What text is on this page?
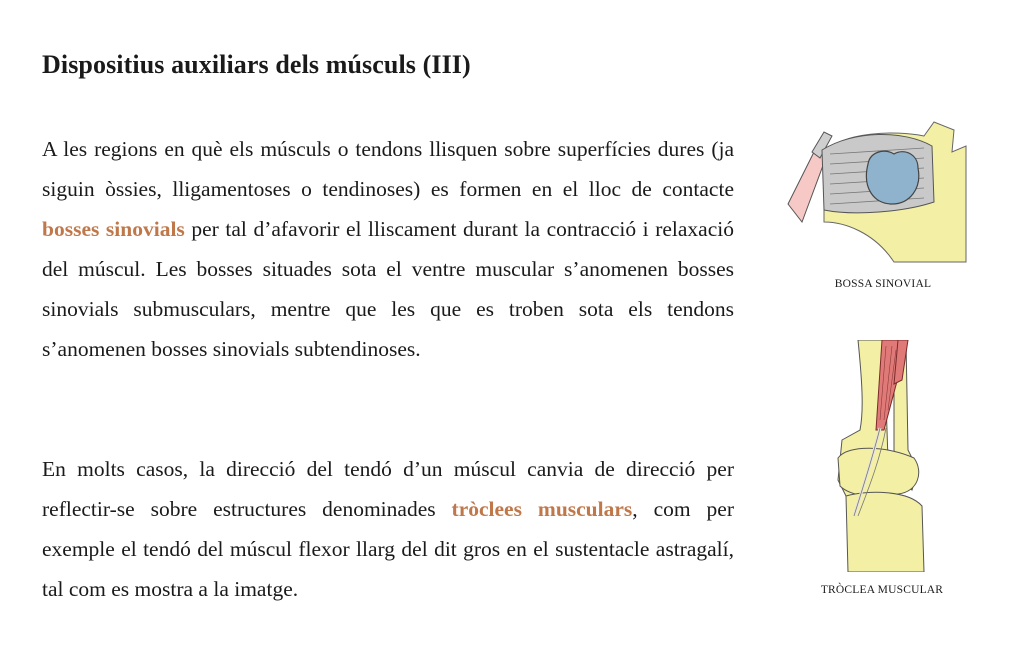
Dispositius auxiliars dels músculs (III)

A les regions en què els músculs o tendons llisquen sobre superfícies dures (ja siguin òssies, lligamentoses o tendinoses) es formen en el lloc de contacte bosses sinovials per tal d’afavorir el lliscament durant la contracció i relaxació del múscul. Les bosses situades sota el ventre muscular s’anomenen bosses sinovials submusculars, mentre que les que es troben sota els tendons s’anomenen bosses sinovials subtendinoses.

En molts casos, la direcció del tendó d’un múscul canvia de direcció per reflectir-se sobre estructures denominades tròclees musculars, com per exemple el tendó del múscul flexor llarg del dit gros en el sustentacle astragalí, tal com es mostra a la imatge.

BOSSA SINOVIAL
TRÒCLEA MUSCULAR
